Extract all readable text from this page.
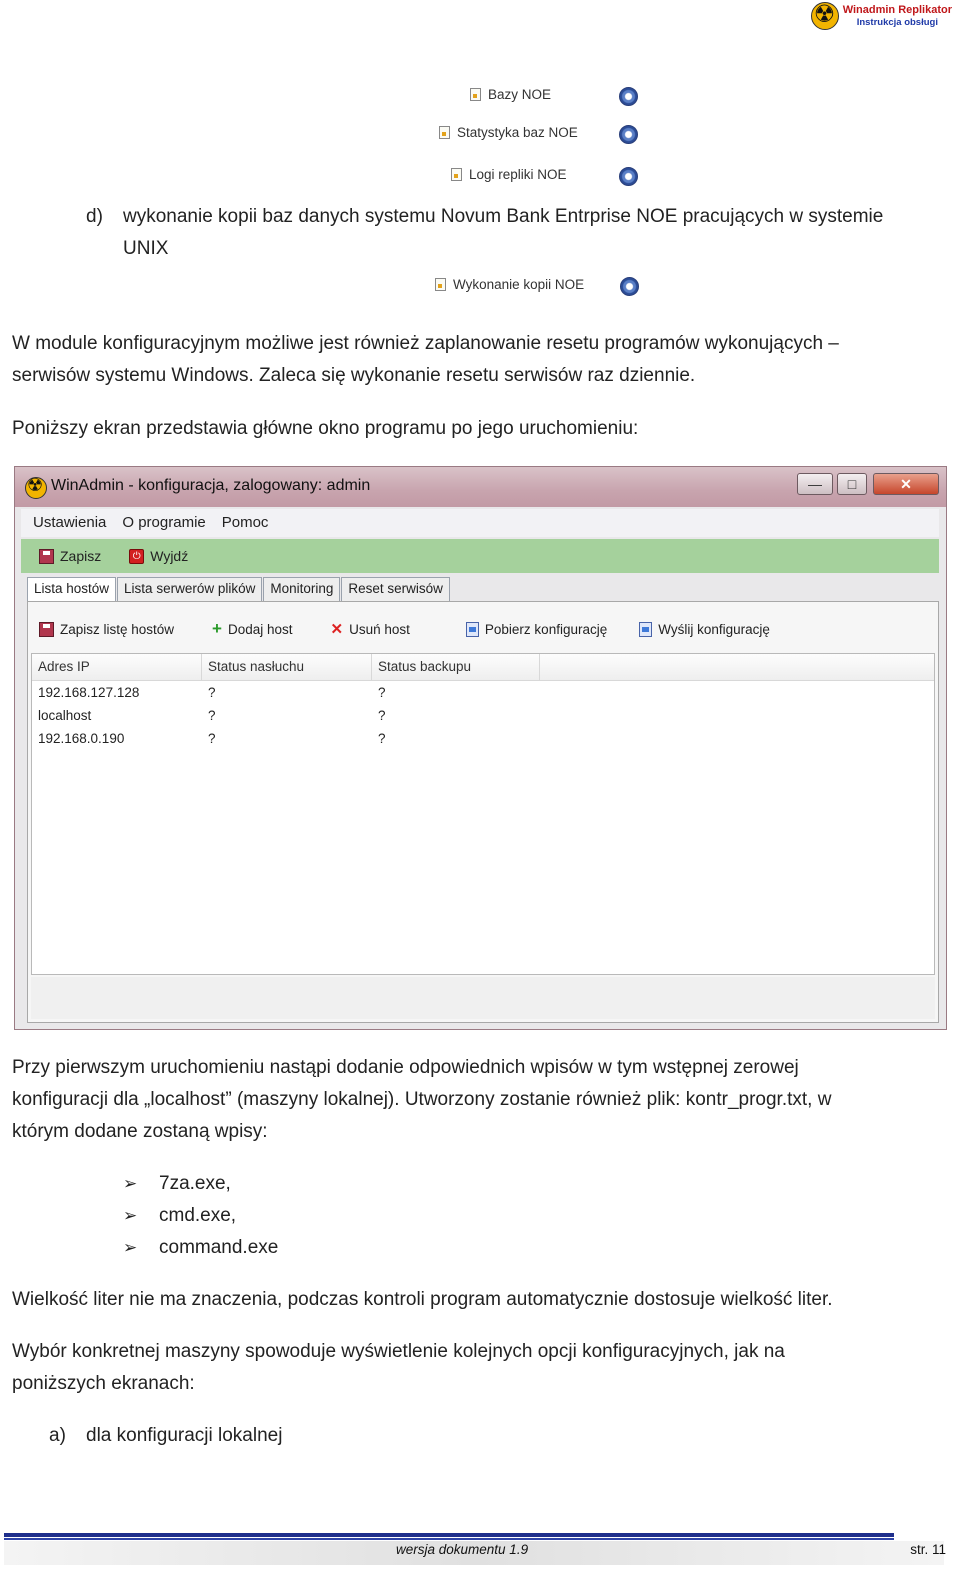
☢
Winadmin Replikator
Instrukcja obsługi
Bazy NOE
Statystyka baz NOE
Logi repliki NOE
d) wykonanie kopii baz danych systemu Novum Bank Entrprise NOE pracujących w systemie
UNIX
Wykonanie kopii NOE
W module konfiguracyjnym możliwe jest również zaplanowanie resetu programów wykonujących –
serwisów systemu Windows. Zaleca się wykonanie resetu serwisów raz dziennie.
Poniższy ekran przedstawia główne okno programu po jego uruchomieniu:
☢
WinAdmin - konfiguracja, zalogowany: admin	—	□	✕
Ustawienia O programie Pomoc
Zapisz	⏻ Wyjdź
Lista hostów	Lista serwerów plików	Monitoring	Reset serwisów
Zapisz listę hostów + Dodaj host	✕ Usuń host	Pobierz konfigurację	Wyślij konfigurację
Adres IP	Status nasłuchu	Status backupu
192.168.127.128	?	?
localhost	?	?
192.168.0.190	?	?
Przy pierwszym uruchomieniu nastąpi dodanie odpowiednich wpisów w tym wstępnej zerowej
konfiguracji dla „localhost” (maszyny lokalnej). Utworzony zostanie również plik: kontr_progr.txt, w
którym dodane zostaną wpisy:
➢	7za.exe,
➢	cmd.exe,
➢	command.exe
Wielkość liter nie ma znaczenia, podczas kontroli program automatycznie dostosuje wielkość liter.
Wybór konkretnej maszyny spowoduje wyświetlenie kolejnych opcji konfiguracyjnych, jak na
poniższych ekranach:
a) dla konfiguracji lokalnej
wersja dokumentu 1.9	str. 11
